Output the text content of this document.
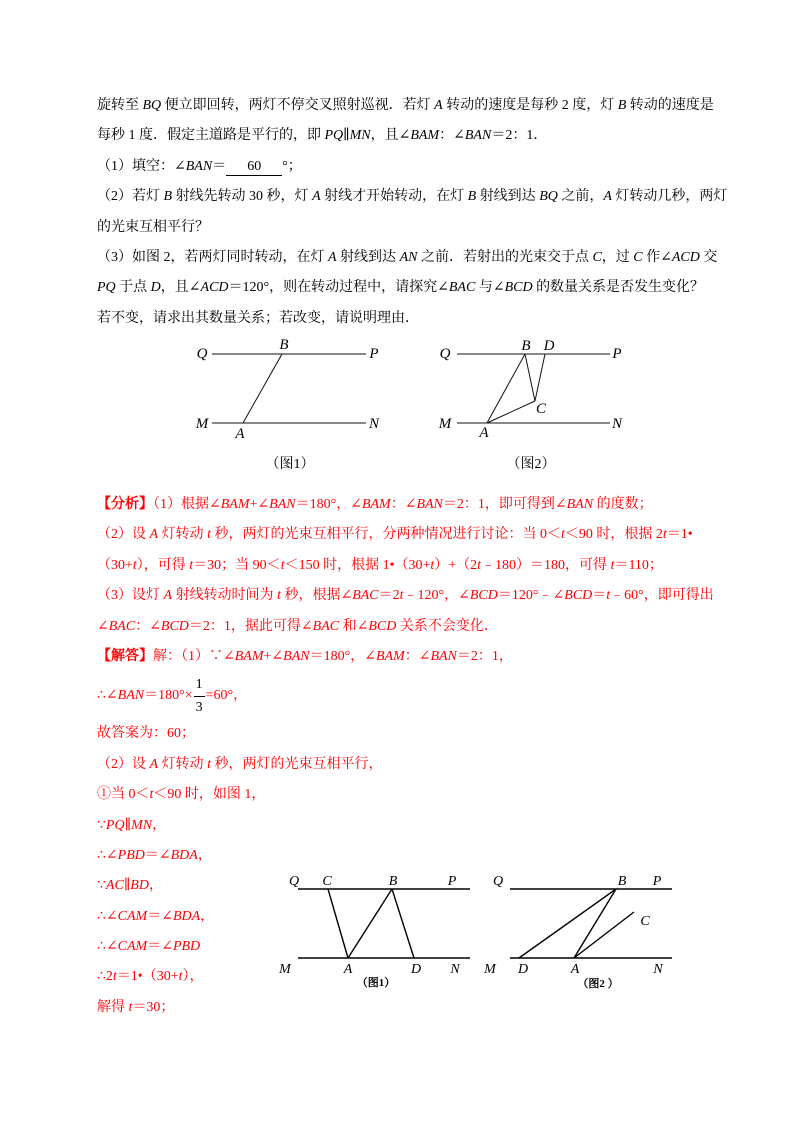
旋转至 BQ 便立即回转，两灯不停交叉照射巡视．若灯 A 转动的速度是每秒 2 度，灯 B 转动的速度是
每秒 1 度．假定主道路是平行的，即 PQ∥MN，且∠BAM：∠BAN＝2：1．
（1）填空：∠BAN＝ 60 °；
（2）若灯 B 射线先转动 30 秒，灯 A 射线才开始转动，在灯 B 射线到达 BQ 之前，A 灯转动几秒，两灯
的光束互相平行？
（3）如图 2，若两灯同时转动，在灯 A 射线到达 AN 之前．若射出的光束交于点 C，过 C 作∠ACD 交
PQ 于点 D，且∠ACD＝120°，则在转动过程中，请探究∠BAC 与∠BCD 的数量关系是否发生变化？
若不变，请求出其数量关系；若改变，请说明理由．
Q
B
P
M
A
N
（图1）
Q	B D	P
C
M
A
N
（图2）
【分析】（1）根据∠BAM+∠BAN＝180°，∠BAM：∠BAN＝2：1，即可得到∠BAN 的度数；
（2）设 A 灯转动 t 秒，两灯的光束互相平行，分两种情况进行讨论：当 0＜t＜90 时，根据 2t＝1•
（30+t），可得 t＝30；当 90＜t＜150 时，根据 1•（30+t）+（2t﹣180）＝180，可得 t＝110；
（3）设灯 A 射线转动时间为 t 秒，根据∠BAC＝2t﹣120°，∠BCD＝120°﹣∠BCD＝t﹣60°，即可得出
∠BAC：∠BCD＝2：1，据此可得∠BAC 和∠BCD 关系不会变化．
【解答】解：（1）∵∠BAM+∠BAN＝180°，∠BAM：∠BAN＝2：1，
∴∠BAN＝180°× $\frac{1}{3} =60^\circ$，
故答案为：60；
（2）设 A 灯转动 t 秒，两灯的光束互相平行，
①当 0＜t＜90 时，如图 1，
∵PQ∥MN，
∴∠PBD＝∠BDA，
∵AC∥BD，
∴∠CAM＝∠BDA，
∴∠CAM＝∠PBD
∴2t＝1•（30+t），
解得 t＝30；
Q C	B	P
M	A	D N
（图1）
Q	B P
C
M D	A	N
（图2 ）
